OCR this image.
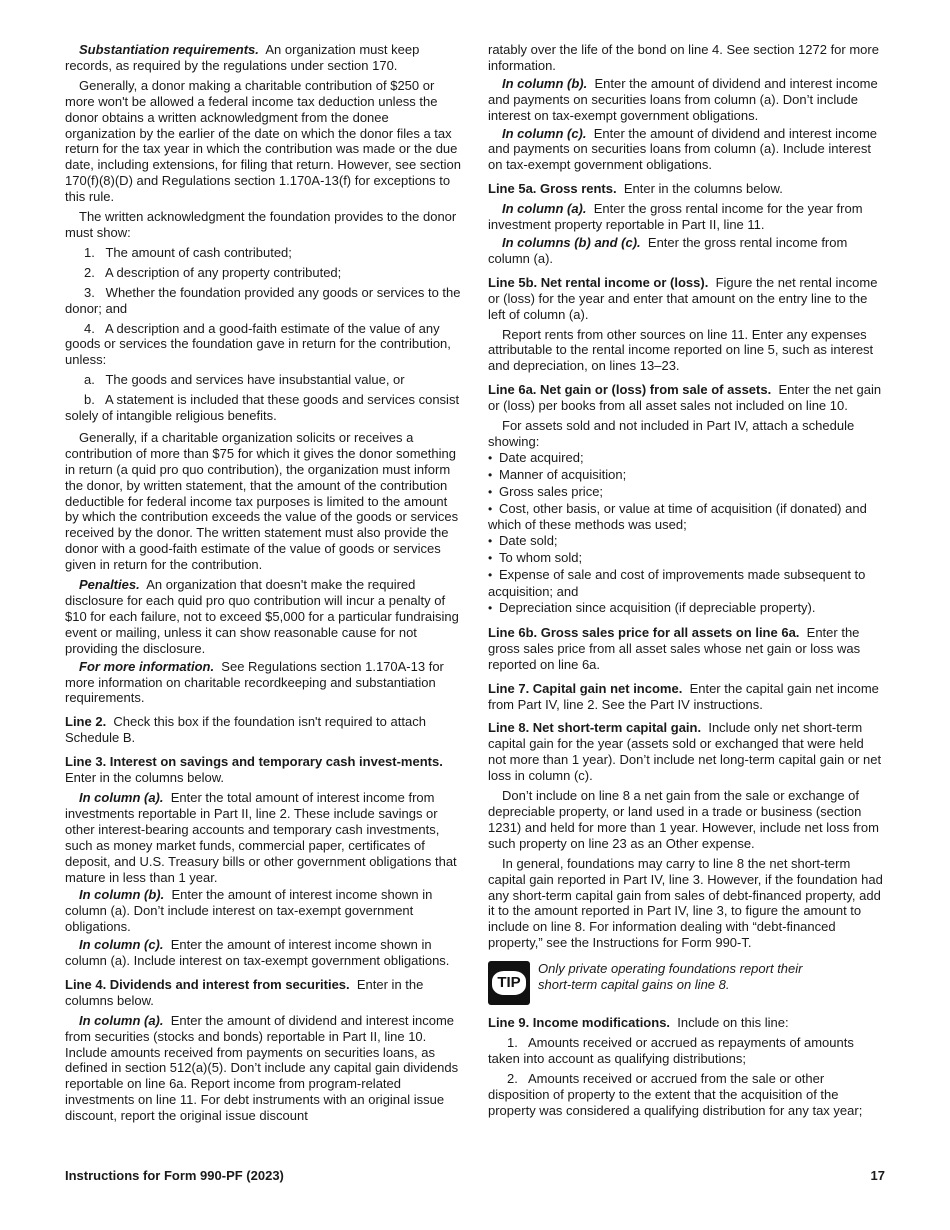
Substantiation requirements. An organization must keep records, as required by the regulations under section 170.

Generally, a donor making a charitable contribution of $250 or more won't be allowed a federal income tax deduction unless the donor obtains a written acknowledgment from the donee organization by the earlier of the date on which the donor files a tax return for the tax year in which the contribution was made or the due date, including extensions, for filing that return. However, see section 170(f)(8)(D) and Regulations section 1.170A-13(f) for exceptions to this rule.

The written acknowledgment the foundation provides to the donor must show:

1.   The amount of cash contributed;

2.   A description of any property contributed;

3.   Whether the foundation provided any goods or services to the donor; and

4.   A description and a good-faith estimate of the value of any goods or services the foundation gave in return for the contribution, unless:

a.   The goods and services have insubstantial value, or

b.   A statement is included that these goods and services consist solely of intangible religious benefits.

Generally, if a charitable organization solicits or receives a contribution of more than $75 for which it gives the donor something in return (a quid pro quo contribution), the organization must inform the donor, by written statement, that the amount of the contribution deductible for federal income tax purposes is limited to the amount by which the contribution exceeds the value of the goods or services received by the donor. The written statement must also provide the donor with a good-faith estimate of the value of goods or services given in return for the contribution.

Penalties. An organization that doesn't make the required disclosure for each quid pro quo contribution will incur a penalty of $10 for each failure, not to exceed $5,000 for a particular fundraising event or mailing, unless it can show reasonable cause for not providing the disclosure.

For more information. See Regulations section 1.170A-13 for more information on charitable recordkeeping and substantiation requirements.

Line 2. Check this box if the foundation isn't required to attach Schedule B.

Line 3. Interest on savings and temporary cash invest-ments.  Enter in the columns below.

In column (a). Enter the total amount of interest income from investments reportable in Part II, line 2. These include savings or other interest-bearing accounts and temporary cash investments, such as money market funds, commercial paper, certificates of deposit, and U.S. Treasury bills or other government obligations that mature in less than 1 year.

In column (b). Enter the amount of interest income shown in column (a). Don’t include interest on tax-exempt government obligations.

In column (c). Enter the amount of interest income shown in column (a). Include interest on tax-exempt government obligations.

Line 4. Dividends and interest from securities. Enter in the columns below.

In column (a). Enter the amount of dividend and interest income from securities (stocks and bonds) reportable in Part II, line 10. Include amounts received from payments on securities loans, as defined in section 512(a)(5). Don’t include any capital gain dividends reportable on line 6a. Report income from program-related investments on line 11. For debt instruments with an original issue discount, report the original issue discount

ratably over the life of the bond on line 4. See section 1272 for more information.

In column (b). Enter the amount of dividend and interest income and payments on securities loans from column (a). Don’t include interest on tax-exempt government obligations.

In column (c). Enter the amount of dividend and interest income and payments on securities loans from column (a). Include interest on tax-exempt government obligations.

Line 5a. Gross rents. Enter in the columns below.

In column (a). Enter the gross rental income for the year from investment property reportable in Part II, line 11.

In columns (b) and (c). Enter the gross rental income from column (a).

Line 5b. Net rental income or (loss). Figure the net rental income or (loss) for the year and enter that amount on the entry line to the left of column (a).

Report rents from other sources on line 11. Enter any expenses attributable to the rental income reported on line 5, such as interest and depreciation, on lines 13–23.

Line 6a. Net gain or (loss) from sale of assets. Enter the net gain or (loss) per books from all asset sales not included on line 10.

For assets sold and not included in Part IV, attach a schedule showing:

• Date acquired;
• Manner of acquisition;
• Gross sales price;
• Cost, other basis, or value at time of acquisition (if donated) and which of these methods was used;
• Date sold;
• To whom sold;
• Expense of sale and cost of improvements made subsequent to acquisition; and
• Depreciation since acquisition (if depreciable property).

Line 6b. Gross sales price for all assets on line 6a. Enter the gross sales price from all asset sales whose net gain or loss was reported on line 6a.

Line 7. Capital gain net income. Enter the capital gain net income from Part IV, line 2. See the Part IV instructions.

Line 8. Net short-term capital gain. Include only net short-term capital gain for the year (assets sold or exchanged that were held not more than 1 year). Don’t include net long-term capital gain or net loss in column (c).

Don’t include on line 8 a net gain from the sale or exchange of depreciable property, or land used in a trade or business (section 1231) and held for more than 1 year. However, include net loss from such property on line 23 as an Other expense.

In general, foundations may carry to line 8 the net short-term capital gain reported in Part IV, line 3. However, if the foundation had any short-term capital gain from sales of debt-financed property, add it to the amount reported in Part IV, line 3, to figure the amount to include on line 8. For information dealing with “debt-financed property,” see the Instructions for Form 990-T.

TIP
Only private operating foundations report their short-term capital gains on line 8.

Line 9. Income modifications. Include on this line:

1.   Amounts received or accrued as repayments of amounts taken into account as qualifying distributions;

2.   Amounts received or accrued from the sale or other disposition of property to the extent that the acquisition of the property was considered a qualifying distribution for any tax year;

Instructions for Form 990-PF (2023)	17
